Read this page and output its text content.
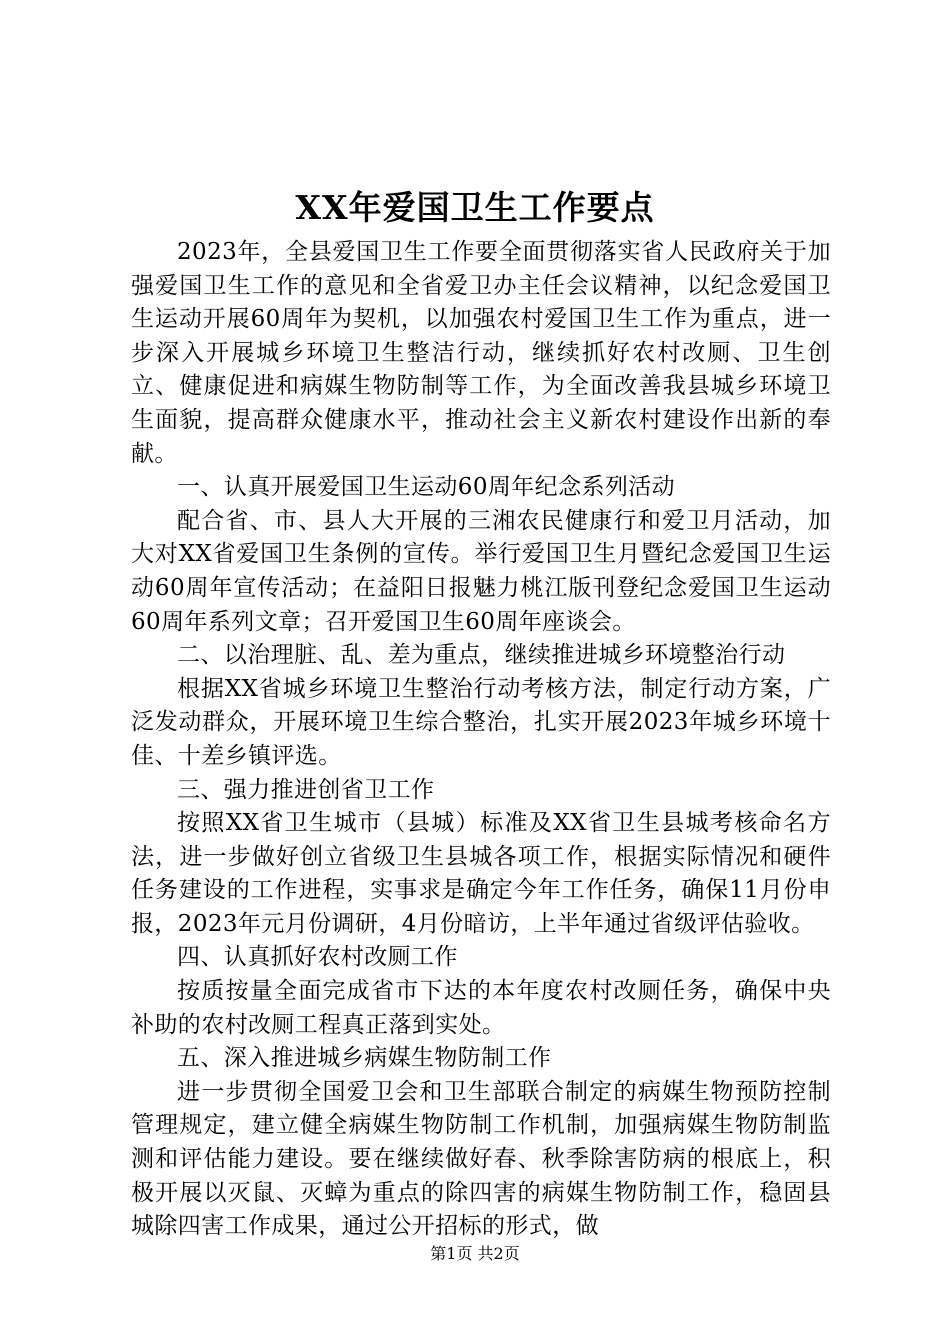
XX年爱国卫生工作要点

2023年，全县爱国卫生工作要全面贯彻落实省人民政府关于加强爱国卫生工作的意见和全省爱卫办主任会议精神，以纪念爱国卫生运动开展60周年为契机，以加强农村爱国卫生工作为重点，进一步深入开展城乡环境卫生整洁行动，继续抓好农村改厕、卫生创立、健康促进和病媒生物防制等工作，为全面改善我县城乡环境卫生面貌，提高群众健康水平，推动社会主义新农村建设作出新的奉献。

一、认真开展爱国卫生运动60周年纪念系列活动

配合省、市、县人大开展的三湘农民健康行和爱卫月活动，加大对XX省爱国卫生条例的宣传。举行爱国卫生月暨纪念爱国卫生运动60周年宣传活动；在益阳日报魅力桃江版刊登纪念爱国卫生运动60周年系列文章；召开爱国卫生60周年座谈会。

二、以治理脏、乱、差为重点，继续推进城乡环境整治行动

根据XX省城乡环境卫生整治行动考核方法，制定行动方案，广泛发动群众，开展环境卫生综合整治，扎实开展2023年城乡环境十佳、十差乡镇评选。

三、强力推进创省卫工作

按照XX省卫生城市（县城）标准及XX省卫生县城考核命名方法，进一步做好创立省级卫生县城各项工作，根据实际情况和硬件任务建设的工作进程，实事求是确定今年工作任务，确保11月份申报，2023年元月份调研，4月份暗访，上半年通过省级评估验收。

四、认真抓好农村改厕工作

按质按量全面完成省市下达的本年度农村改厕任务，确保中央补助的农村改厕工程真正落到实处。

五、深入推进城乡病媒生物防制工作

进一步贯彻全国爱卫会和卫生部联合制定的病媒生物预防控制管理规定，建立健全病媒生物防制工作机制，加强病媒生物防制监测和评估能力建设。要在继续做好春、秋季除害防病的根底上，积极开展以灭鼠、灭蟑为重点的除四害的病媒生物防制工作，稳固县城除四害工作成果，通过公开招标的形式，做

第1页 共2页
